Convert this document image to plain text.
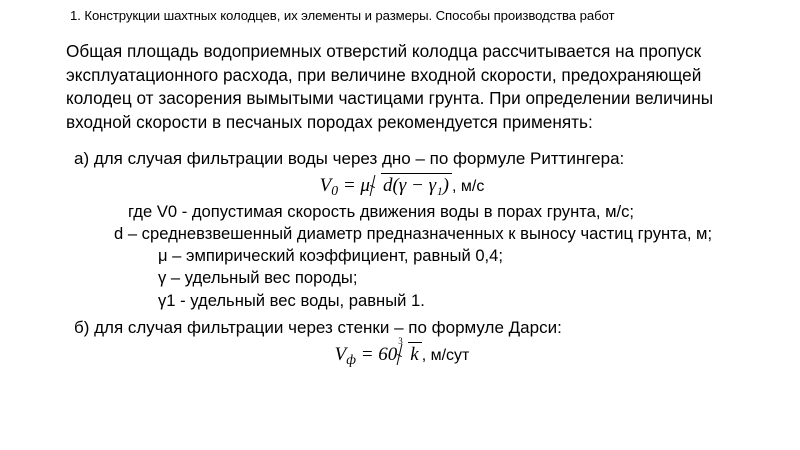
1. Конструкции шахтных колодцев, их элементы и размеры. Способы производства работ

Общая площадь водоприемных отверстий колодца рассчитывается на пропуск эксплуатационного расхода, при величине входной скорости, предохраняющей колодец от засорения вымытыми частицами грунта. При определении величины входной скорости в песчаных породах рекомендуется применять:

а) для случая фильтрации воды через дно – по формуле Риттингера:

$V_0 = \mu$ d(γ − γ₁) , м/с

где V0 - допустимая скорость движения воды в порах грунта, м/с;

d – средневзвешенный диаметр предназначенных к выносу частиц грунта, м;

μ – эмпирический коэффициент, равный 0,4;

γ – удельный вес породы;

γ1 - удельный вес воды, равный 1.

б) для случая фильтрации через стенки – по формуле Дарси:

$V_ф = 60$
3
k , м/сут
